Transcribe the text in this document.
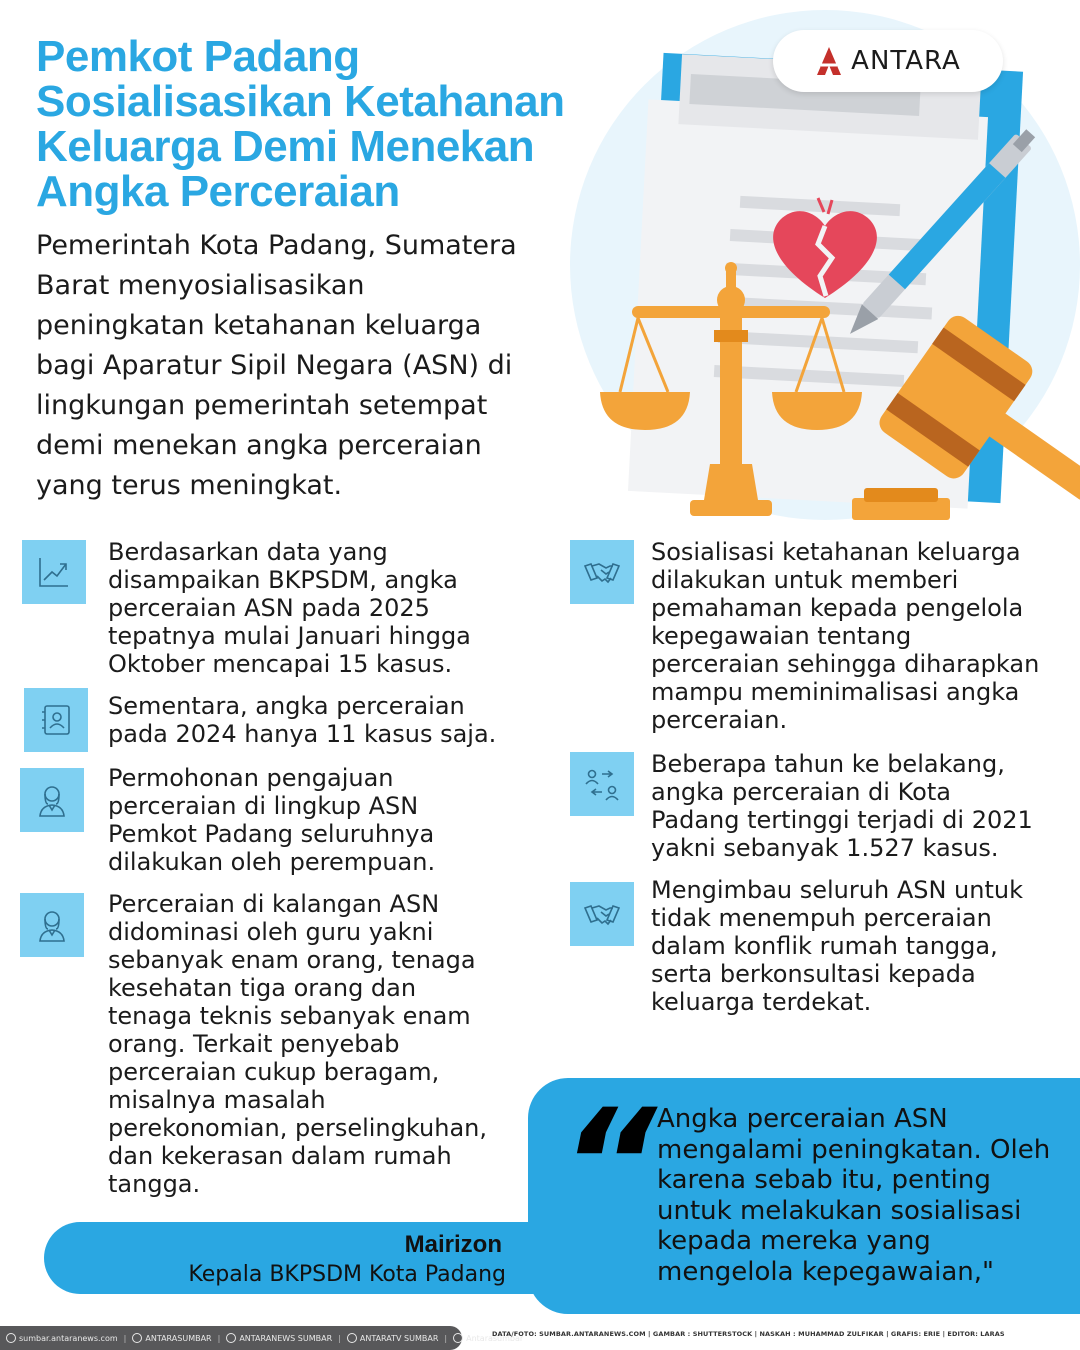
Pemkot Padang
Sosialisasikan Ketahanan
Keluarga Demi Menekan
Angka Perceraian
Pemerintah Kota Padang, Sumatera
Barat menyosialisasikan
peningkatan ketahanan keluarga
bagi Aparatur Sipil Negara (ASN) di
lingkungan pemerintah setempat
demi menekan angka perceraian
yang terus meningkat.
ANTARA
Berdasarkan data yang
disampaikan BKPSDM, angka
perceraian ASN pada 2025
tepatnya mulai Januari hingga
Oktober mencapai 15 kasus.
Sementara, angka perceraian
pada 2024 hanya 11 kasus saja.
Permohonan pengajuan
perceraian di lingkup ASN
Pemkot Padang seluruhnya
dilakukan oleh perempuan.
Perceraian di kalangan ASN
didominasi oleh guru yakni
sebanyak enam orang, tenaga
kesehatan tiga orang dan
tenaga teknis sebanyak enam
orang. Terkait penyebab
perceraian cukup beragam,
misalnya masalah
perekonomian, perselingkuhan,
dan kekerasan dalam rumah
tangga.
Sosialisasi ketahanan keluarga
dilakukan untuk memberi
pemahaman kepada pengelola
kepegawaian tentang
perceraian sehingga diharapkan
mampu meminimalisasi angka
perceraian.
Beberapa tahun ke belakang,
angka perceraian di Kota
Padang tertinggi terjadi di 2021
yakni sebanyak 1.527 kasus.
Mengimbau seluruh ASN untuk
tidak menempuh perceraian
dalam konflik rumah tangga,
serta berkonsultasi kepada
keluarga terdekat.
“ Angka perceraian ASN
mengalami peningkatan. Oleh
karena sebab itu, penting
untuk melakukan sosialisasi
kepada mereka yang
mengelola kepegawaian,"
Mairizon
Kepala BKPSDM Kota Padang
sumbar.antaranews.com | ANTARASUMBAR | ANTARANEWS SUMBAR | ANTARATV SUMBAR | Antarasumbar
DATA/FOTO: SUMBAR.ANTARANEWS.COM | GAMBAR : SHUTTERSTOCK | NASKAH : MUHAMMAD ZULFIKAR | GRAFIS: ERIE | EDITOR: LARAS
